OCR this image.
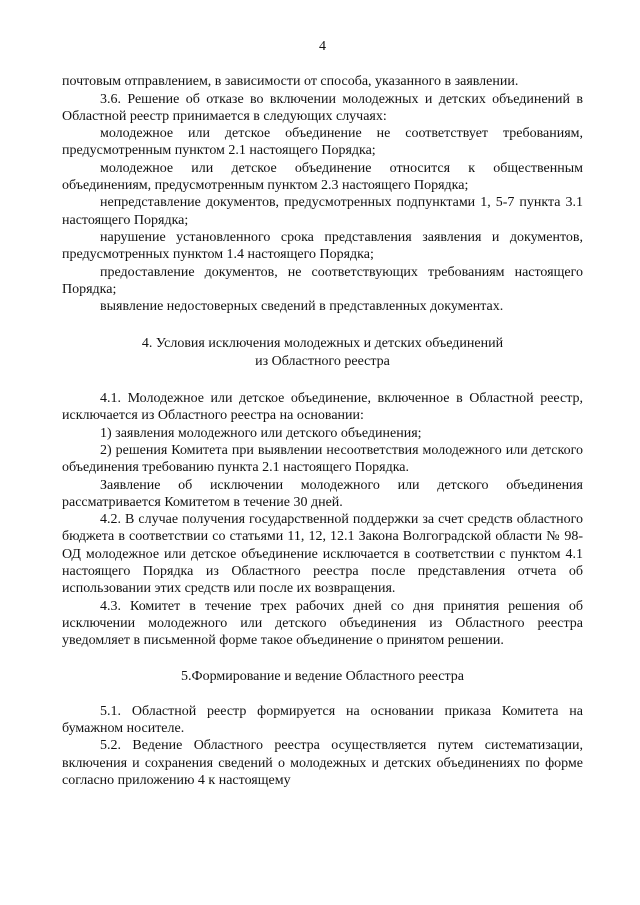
4

почтовым отправлением, в зависимости от способа, указанного в заявлении.

3.6. Решение об отказе во включении молодежных и детских объединений в Областной реестр принимается в следующих случаях:

молодежное или детское объединение не соответствует требованиям, предусмотренным пунктом 2.1 настоящего Порядка;

молодежное или детское объединение относится к общественным объединениям, предусмотренным пунктом 2.3 настоящего Порядка;

непредставление документов, предусмотренных подпунктами 1, 5-7 пункта 3.1 настоящего Порядка;

нарушение установленного срока представления заявления и документов, предусмотренных пунктом 1.4 настоящего Порядка;

предоставление документов, не соответствующих требованиям настоящего Порядка;

выявление недостоверных сведений в представленных документах.

4. Условия исключения молодежных и детских объединений
из Областного реестра

4.1. Молодежное или детское объединение, включенное в Областной реестр, исключается из Областного реестра на основании:

1) заявления молодежного или детского объединения;

2) решения Комитета при выявлении несоответствия молодежного или детского объединения требованию пункта 2.1 настоящего Порядка.

Заявление об исключении молодежного или детского объединения рассматривается Комитетом в течение 30 дней.

4.2. В случае получения государственной поддержки за счет средств областного бюджета в соответствии со статьями 11, 12, 12.1 Закона Волгоградской области № 98-ОД молодежное или детское объединение исключается в соответствии с пунктом 4.1 настоящего Порядка из Областного реестра после представления отчета об использовании этих средств или после их возвращения.

4.3. Комитет в течение трех рабочих дней со дня принятия решения об исключении молодежного или детского объединения из Областного реестра уведомляет в письменной форме такое объединение о принятом решении.

5.Формирование и ведение Областного реестра

5.1. Областной реестр формируется на основании приказа Комитета на бумажном носителе.

5.2. Ведение Областного реестра осуществляется путем систематизации, включения и сохранения сведений о молодежных и детских объединениях по форме согласно приложению 4 к настоящему
